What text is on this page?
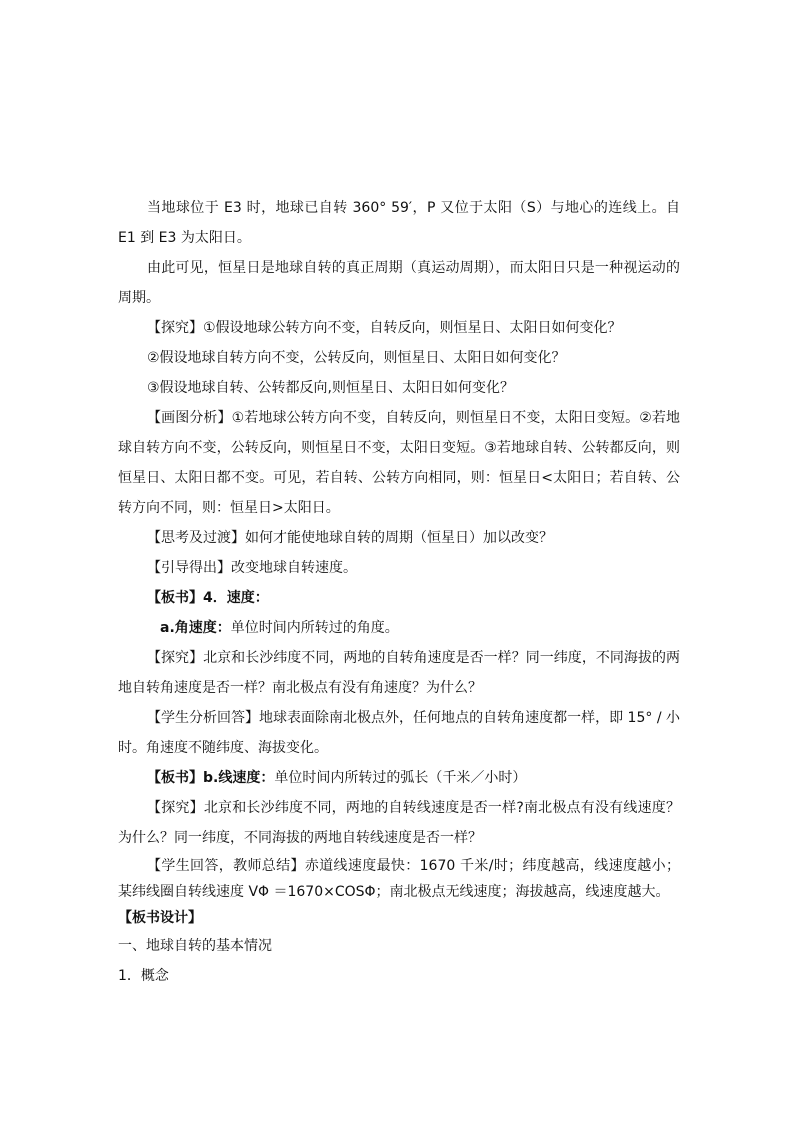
当地球位于 E3 时，地球已自转 360° 59′，P 又位于太阳（S）与地心的连线上。自 E1 到 E3 为太阳日。

由此可见，恒星日是地球自转的真正周期（真运动周期），而太阳日只是一种视运动的周期。

【探究】①假设地球公转方向不变，自转反向，则恒星日、太阳日如何变化？

②假设地球自转方向不变，公转反向，则恒星日、太阳日如何变化？

③假设地球自转、公转都反向,则恒星日、太阳日如何变化？

【画图分析】①若地球公转方向不变，自转反向，则恒星日不变，太阳日变短。②若地球自转方向不变，公转反向，则恒星日不变，太阳日变短。③若地球自转、公转都反向，则恒星日、太阳日都不变。可见，若自转、公转方向相同，则：恒星日<太阳日；若自转、公转方向不同，则：恒星日>太阳日。

【思考及过渡】如何才能使地球自转的周期（恒星日）加以改变？

【引导得出】改变地球自转速度。

【板书】4．速度：

a.角速度：单位时间内所转过的角度。

【探究】北京和长沙纬度不同，两地的自转角速度是否一样？同一纬度，不同海拔的两地自转角速度是否一样？南北极点有没有角速度？为什么？

【学生分析回答】地球表面除南北极点外，任何地点的自转角速度都一样，即 15° / 小时。角速度不随纬度、海拔变化。

【板书】b.线速度：单位时间内所转过的弧长（千米／小时）

【探究】北京和长沙纬度不同，两地的自转线速度是否一样?南北极点有没有线速度？为什么？同一纬度，不同海拔的两地自转线速度是否一样？

【学生回答，教师总结】赤道线速度最快：1670 千米/时；纬度越高，线速度越小；某纬线圈自转线速度 VΦ ＝1670×COSΦ；南北极点无线速度；海拔越高，线速度越大。

【板书设计】

一、地球自转的基本情况

1．概念
